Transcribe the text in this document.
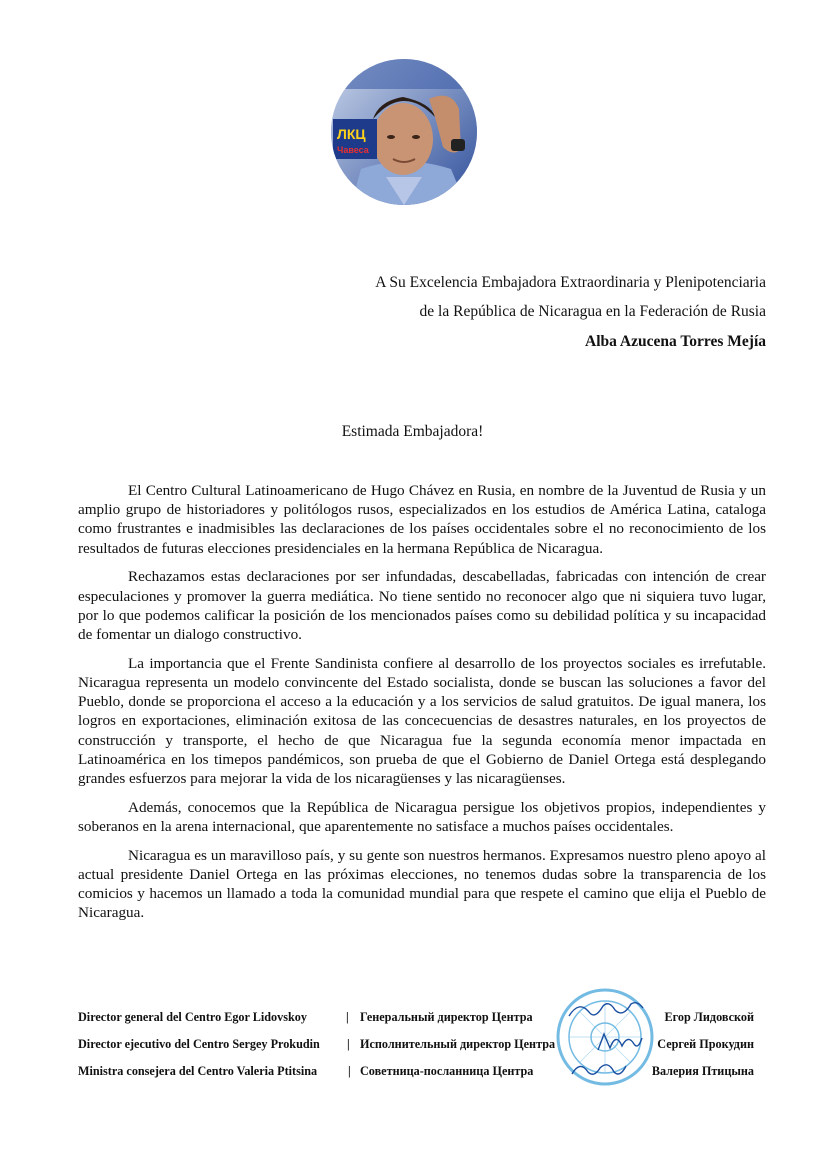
ЛКЦ
Чавеса
A Su Excelencia Embajadora Extraordinaria y Plenipotenciaria
de la República de Nicaragua en la Federación de Rusia
Alba Azucena Torres Mejía
Estimada Embajadora!

El Centro Cultural Latinoamericano de Hugo Chávez en Rusia, en nombre de la Juventud de Rusia y un amplio grupo de historiadores y politólogos rusos, especializados en los estudios de América Latina, cataloga como frustrantes e inadmisibles las declaraciones de los países occidentales sobre el no reconocimiento de los resultados de futuras elecciones presidenciales en la hermana República de Nicaragua.

Rechazamos estas declaraciones por ser infundadas, descabelladas, fabricadas con intención de crear especulaciones y promover la guerra mediática. No tiene sentido no reconocer algo que ni siquiera tuvo lugar, por lo que podemos calificar la posición de los mencionados países como su debilidad política y su incapacidad de fomentar un dialogo constructivo.

La importancia que el Frente Sandinista confiere al desarrollo de los proyectos sociales es irrefutable. Nicaragua representa un modelo convincente del Estado socialista, donde se buscan las soluciones a favor del Pueblo, donde se proporciona el acceso a la educación y a los servicios de salud gratuitos. De igual manera, los logros en exportaciones, eliminación exitosa de las concecuencias de desastres naturales, en los proyectos de construcción y transporte, el hecho de que Nicaragua fue la segunda economía menor impactada en Latinoamérica en los timepos pandémicos, son prueba de que el Gobierno de Daniel Ortega está desplegando grandes esfuerzos para mejorar la vida de los nicaragüenses y las nicaragüenses.

Además, conocemos que la República de Nicaragua persigue los objetivos propios, independientes y soberanos en la arena internacional, que aparentemente no satisface a muchos países occidentales.

Nicaragua es un maravilloso país, y su gente son nuestros hermanos. Expresamos nuestro pleno apoyo al actual presidente Daniel Ortega en las próximas elecciones, no tenemos dudas sobre la transparencia de los comicios y hacemos un llamado a toda la comunidad mundial para que respete el camino que elija el Pueblo de Nicaragua.

Director general del Centro Egor Lidovskoy	| Генеральный директор Центра	Егор Лидовской
Director ejecutivo del Centro Sergey Prokudin | Исполнительный директор Центра	Сергей Прокудин
Ministra consejera del Centro Valeria Ptitsina	| Советница-посланница Центра	Валерия Птицына
